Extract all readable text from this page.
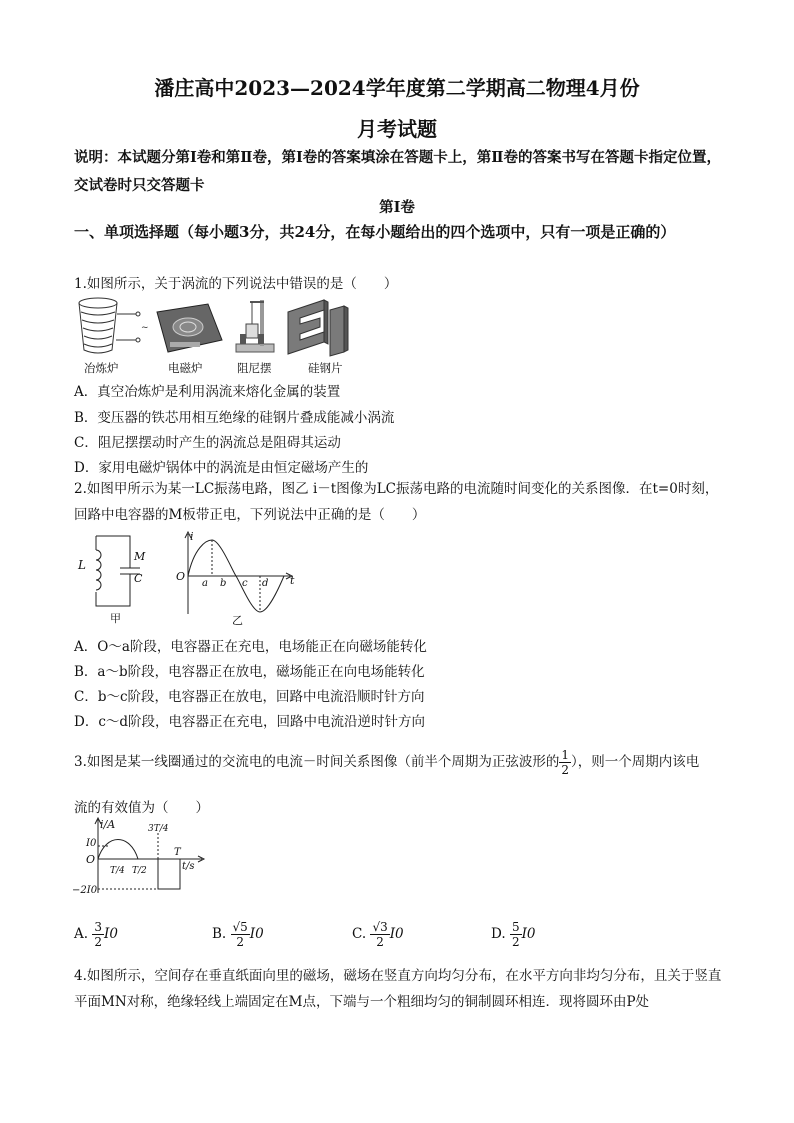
潘庄高中2023—2024学年度第二学期高二物理4月份
月考试题
说明：本试题分第Ⅰ卷和第Ⅱ卷，第Ⅰ卷的答案填涂在答题卡上，第Ⅱ卷的答案书写在答题卡指定位置，交试卷时只交答题卡
第Ⅰ卷
一、单项选择题（每小题3分，共24分，在每小题给出的四个选项中，只有一项是正确的）
1.如图所示，关于涡流的下列说法中错误的是（　　）
~
冶炼炉	电磁炉	阻尼摆	硅钢片
A．真空冶炼炉是利用涡流来熔化金属的装置
B．变压器的铁芯用相互绝缘的硅钢片叠成能减小涡流
C．阻尼摆摆动时产生的涡流总是阻碍其运动
D．家用电磁炉锅体中的涡流是由恒定磁场产生的
2.如图甲所示为某一LC振荡电路，图乙 i－t图像为LC振荡电路的电流随时间变化的关系图像．在t=0时刻，回路中电容器的M板带正电，下列说法中正确的是（　　）
L
M
C
甲
i
O	t
a b c d
乙
A．O～a阶段，电容器正在充电，电场能正在向磁场能转化
B．a～b阶段，电容器正在放电，磁场能正在向电场能转化
C．b～c阶段，电容器正在放电，回路中电流沿顺时针方向
D．c～d阶段，电容器正在充电，回路中电流沿逆时针方向
3.如图是某一线圈通过的交流电的电流－时间关系图像（前半个周期为正弦波形的 $\frac{1}{2}$ ），则一个周期内该电
流的有效值为（　　）
i/A
I0
O
−2I0
t/s
T
T/4 T/2
3T/4
A. $\frac{3}{2} I0$	B. $\frac{√5}{2} I0$	C. $\frac{√3}{2} I0$	D. $\frac{5}{2} I0$
4.如图所示，空间存在垂直纸面向里的磁场，磁场在竖直方向均匀分布，在水平方向非均匀分布，且关于竖直平面MN对称，绝缘轻线上端固定在M点，下端与一个粗细均匀的铜制圆环相连．现将圆环由P处
